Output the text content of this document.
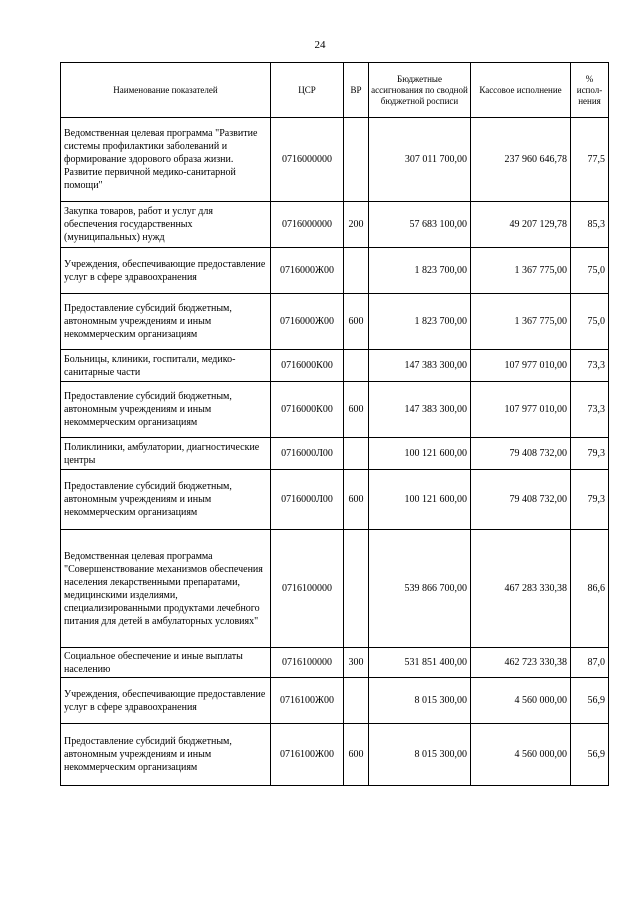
24
Наименование показателей	ЦСР	ВР	Бюджетные ассигнования по сводной бюджетной росписи	Кассовое исполнение	% испол-нения
Ведомственная целевая программа "Развитие системы профилактики заболеваний и формирование здорового образа жизни. Развитие первичной медико-санитарной помощи"	0716000000		307 011 700,00	237 960 646,78	77,5
Закупка товаров, работ и услуг для обеспечения государственных (муниципальных) нужд	0716000000	200	57 683 100,00	49 207 129,78	85,3
Учреждения, обеспечивающие предоставление услуг в сфере здравоохранения	0716000Ж00		1 823 700,00	1 367 775,00	75,0
Предоставление субсидий бюджетным, автономным учреждениям и иным некоммерческим организациям	0716000Ж00	600	1 823 700,00	1 367 775,00	75,0
Больницы, клиники, госпитали, медико-санитарные части	0716000К00		147 383 300,00	107 977 010,00	73,3
Предоставление субсидий бюджетным, автономным учреждениям и иным некоммерческим организациям	0716000К00	600	147 383 300,00	107 977 010,00	73,3
Поликлиники, амбулатории, диагностические центры	0716000Л00		100 121 600,00	79 408 732,00	79,3
Предоставление субсидий бюджетным, автономным учреждениям и иным некоммерческим организациям	0716000Л00	600	100 121 600,00	79 408 732,00	79,3
Ведомственная целевая программа "Совершенствование механизмов обеспечения населения лекарственными препаратами, медицинскими изделиями, специализированными продуктами лечебного питания для детей в амбулаторных условиях"	0716100000		539 866 700,00	467 283 330,38	86,6
Социальное обеспечение и иные выплаты населению	0716100000	300	531 851 400,00	462 723 330,38	87,0
Учреждения, обеспечивающие предоставление услуг в сфере здравоохранения	0716100Ж00		8 015 300,00	4 560 000,00	56,9
Предоставление субсидий бюджетным, автономным учреждениям и иным некоммерческим организациям	0716100Ж00	600	8 015 300,00	4 560 000,00	56,9
